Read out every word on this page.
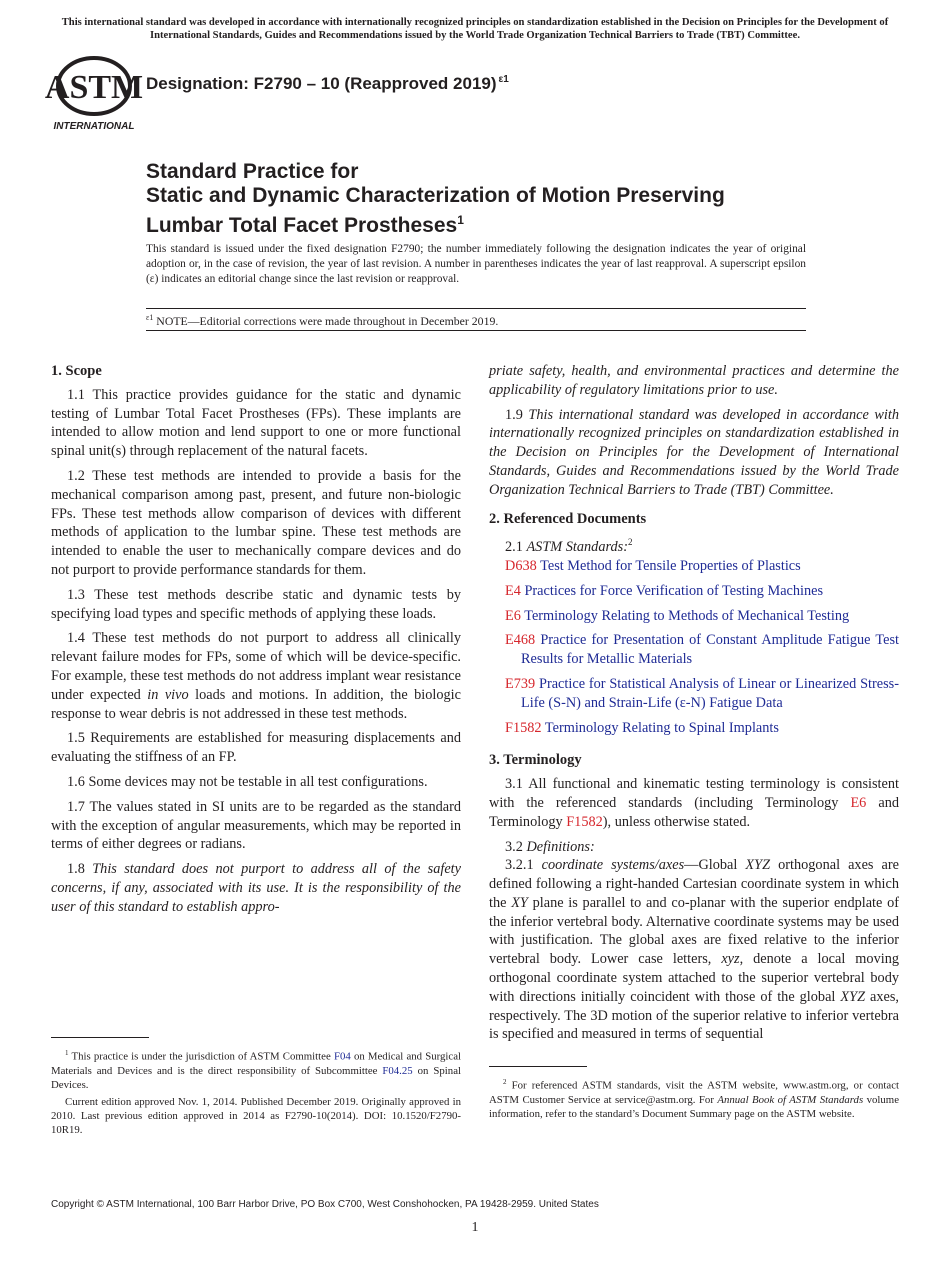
This international standard was developed in accordance with internationally recognized principles on standardization established in the Decision on Principles for the Development of International Standards, Guides and Recommendations issued by the World Trade Organization Technical Barriers to Trade (TBT) Committee.
ASTM
INTERNATIONAL
Designation: F2790 – 10 (Reapproved 2019) $^{\varepsilon 1}$
Standard Practice for
Static and Dynamic Characterization of Motion Preserving
Lumbar Total Facet Prostheses$^1$
This standard is issued under the fixed designation F2790; the number immediately following the designation indicates the year of original adoption or, in the case of revision, the year of last revision. A number in parentheses indicates the year of last reapproval. A superscript epsilon (ε) indicates an editorial change since the last revision or reapproval.
$^{\varepsilon 1}$ NOTE—Editorial corrections were made throughout in December 2019.
1. Scope

1.1 This practice provides guidance for the static and dynamic testing of Lumbar Total Facet Prostheses (FPs). These implants are intended to allow motion and lend support to one or more functional spinal unit(s) through replacement of the natural facets.

1.2 These test methods are intended to provide a basis for the mechanical comparison among past, present, and future non-biologic FPs. These test methods allow comparison of devices with different methods of application to the lumbar spine. These test methods are intended to enable the user to mechanically compare devices and do not purport to provide performance standards for them.

1.3 These test methods describe static and dynamic tests by specifying load types and specific methods of applying these loads.

1.4 These test methods do not purport to address all clinically relevant failure modes for FPs, some of which will be device-specific. For example, these test methods do not address implant wear resistance under expected in vivo loads and motions. In addition, the biologic response to wear debris is not addressed in these test methods.

1.5 Requirements are established for measuring displacements and evaluating the stiffness of an FP.

1.6 Some devices may not be testable in all test configurations.

1.7 The values stated in SI units are to be regarded as the standard with the exception of angular measurements, which may be reported in terms of either degrees or radians.

1.8 This standard does not purport to address all of the safety concerns, if any, associated with its use. It is the responsibility of the user of this standard to establish appro-

$^1$ This practice is under the jurisdiction of ASTM Committee F04 on Medical and Surgical Materials and Devices and is the direct responsibility of Subcommittee F04.25 on Spinal Devices.

Current edition approved Nov. 1, 2014. Published December 2019. Originally approved in 2010. Last previous edition approved in 2014 as F2790-10(2014). DOI: 10.1520/F2790-10R19.

priate safety, health, and environmental practices and determine the applicability of regulatory limitations prior to use.

1.9 This international standard was developed in accordance with internationally recognized principles on standardization established in the Decision on Principles for the Development of International Standards, Guides and Recommendations issued by the World Trade Organization Technical Barriers to Trade (TBT) Committee.

2. Referenced Documents

2.1 ASTM Standards:$^2$

D638 Test Method for Tensile Properties of Plastics

E4 Practices for Force Verification of Testing Machines

E6 Terminology Relating to Methods of Mechanical Testing

E468 Practice for Presentation of Constant Amplitude Fatigue Test Results for Metallic Materials

E739 Practice for Statistical Analysis of Linear or Linearized Stress-Life (S-N) and Strain-Life (ε-N) Fatigue Data

F1582 Terminology Relating to Spinal Implants

3. Terminology

3.1 All functional and kinematic testing terminology is consistent with the referenced standards (including Terminology E6 and Terminology F1582), unless otherwise stated.

3.2 Definitions:

3.2.1 coordinate systems/axes—Global XYZ orthogonal axes are defined following a right-handed Cartesian coordinate system in which the XY plane is parallel to and co-planar with the superior endplate of the inferior vertebral body. Alternative coordinate systems may be used with justification. The global axes are fixed relative to the inferior vertebral body. Lower case letters, xyz, denote a local moving orthogonal coordinate system attached to the superior vertebral body with directions initially coincident with those of the global XYZ axes, respectively. The 3D motion of the superior relative to inferior vertebra is specified and measured in terms of sequential

$^2$ For referenced ASTM standards, visit the ASTM website, www.astm.org, or contact ASTM Customer Service at service@astm.org. For Annual Book of ASTM Standards volume information, refer to the standard’s Document Summary page on the ASTM website.

Copyright © ASTM International, 100 Barr Harbor Drive, PO Box C700, West Conshohocken, PA 19428-2959. United States
1
